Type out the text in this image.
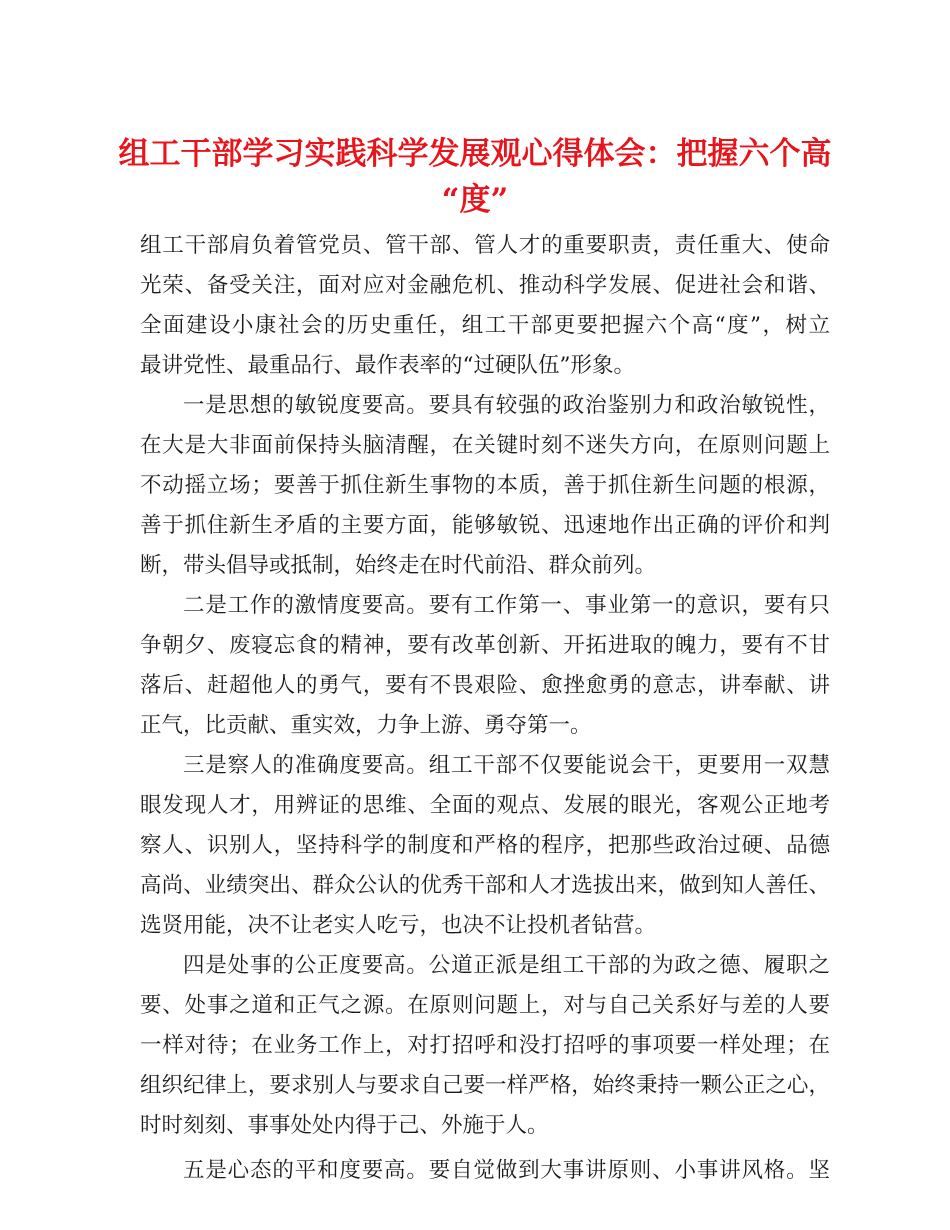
组工干部学习实践科学发展观心得体会：把握六个高
“度”
组工干部肩负着管党员、管干部、管人才的重要职责，责任重大、使命
光荣、备受关注，面对应对金融危机、推动科学发展、促进社会和谐、
全面建设小康社会的历史重任，组工干部更要把握六个高“度”，树立
最讲党性、最重品行、最作表率的“过硬队伍”形象。
一是思想的敏锐度要高。要具有较强的政治鉴别力和政治敏锐性，
在大是大非面前保持头脑清醒，在关键时刻不迷失方向，在原则问题上
不动摇立场；要善于抓住新生事物的本质，善于抓住新生问题的根源，
善于抓住新生矛盾的主要方面，能够敏锐、迅速地作出正确的评价和判
断，带头倡导或抵制，始终走在时代前沿、群众前列。
二是工作的激情度要高。要有工作第一、事业第一的意识，要有只
争朝夕、废寝忘食的精神，要有改革创新、开拓进取的魄力，要有不甘
落后、赶超他人的勇气，要有不畏艰险、愈挫愈勇的意志，讲奉献、讲
正气，比贡献、重实效，力争上游、勇夺第一。
三是察人的准确度要高。组工干部不仅要能说会干，更要用一双慧
眼发现人才，用辨证的思维、全面的观点、发展的眼光，客观公正地考
察人、识别人，坚持科学的制度和严格的程序，把那些政治过硬、品德
高尚、业绩突出、群众公认的优秀干部和人才选拔出来，做到知人善任、
选贤用能，决不让老实人吃亏，也决不让投机者钻营。
四是处事的公正度要高。公道正派是组工干部的为政之德、履职之
要、处事之道和正气之源。在原则问题上，对与自己关系好与差的人要
一样对待；在业务工作上，对打招呼和没打招呼的事项要一样处理；在
组织纪律上，要求别人与要求自己要一样严格，始终秉持一颗公正之心，
时时刻刻、事事处处内得于己、外施于人。
五是心态的平和度要高。要自觉做到大事讲原则、小事讲风格。坚
